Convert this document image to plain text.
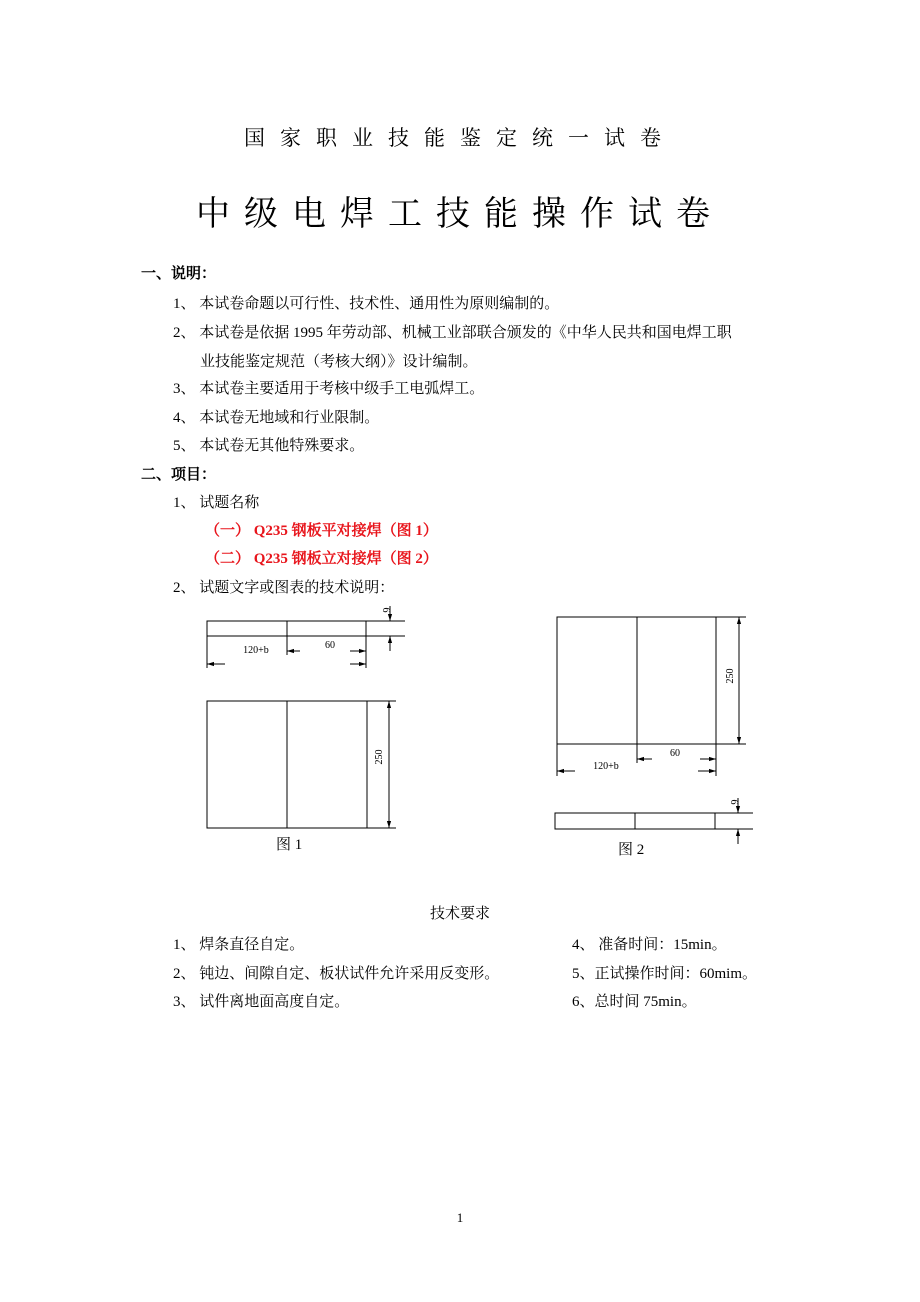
国家职业技能鉴定统一试卷
中级电焊工技能操作试卷
一、说明：
1、 本试卷命题以可行性、技术性、通用性为原则编制的。
2、 本试卷是依据 1995 年劳动部、机械工业部联合颁发的《中华人民共和国电焊工职
业技能鉴定规范（考核大纲）》设计编制。
3、 本试卷主要适用于考核中级手工电弧焊工。
4、 本试卷无地域和行业限制。
5、 本试卷无其他特殊要求。
二、项目：
1、 试题名称
（一） Q235 钢板平对接焊（图 1）
（二） Q235 钢板立对接焊（图 2）
2、 试题文字或图表的技术说明：
6
60
120+b
250
250
60
120+b
6
图 1	图 2
技术要求
1、 焊条直径自定。
2、 钝边、间隙自定、板状试件允许采用反变形。
3、 试件离地面高度自定。
4、 准备时间：15min。
5、正试操作时间：60mim。
6、总时间 75min。
1
